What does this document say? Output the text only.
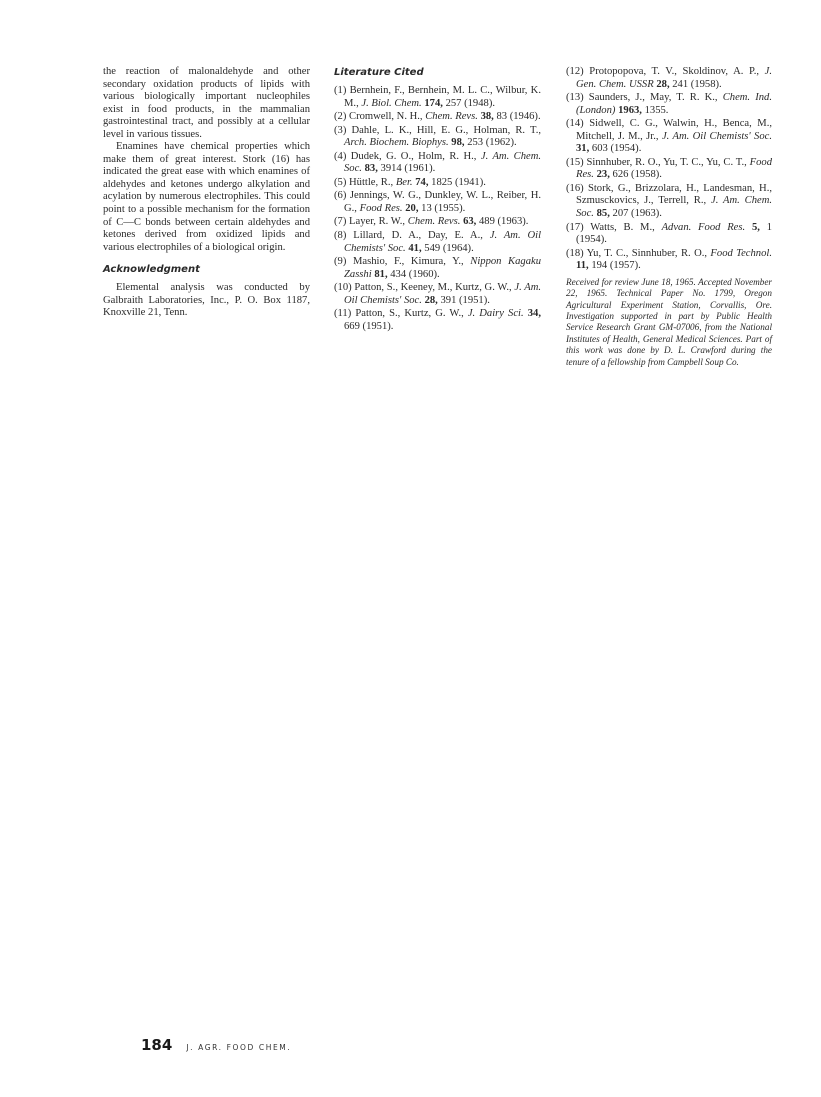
the reaction of malonaldehyde and other secondary oxidation products of lipids with various biologically important nucleophiles exist in food products, in the mammalian gastrointestinal tract, and possibly at a cellular level in various tissues.

Enamines have chemical properties which make them of great interest. Stork (16) has indicated the great ease with which enamines of aldehydes and ketones undergo alkylation and acylation by numerous electrophiles. This could point to a possible mechanism for the formation of C—C bonds between certain aldehydes and ketones derived from oxidized lipids and various electrophiles of a biological origin.

Acknowledgment

Elemental analysis was conducted by Galbraith Laboratories, Inc., P. O. Box 1187, Knoxville 21, Tenn.

Literature Cited
(1) Bernhein, F., Bernhein, M. L. C., Wilbur, K. M., J. Biol. Chem. 174, 257 (1948).
(2) Cromwell, N. H., Chem. Revs. 38, 83 (1946).
(3) Dahle, L. K., Hill, E. G., Holman, R. T., Arch. Biochem. Biophys. 98, 253 (1962).
(4) Dudek, G. O., Holm, R. H., J. Am. Chem. Soc. 83, 3914 (1961).
(5) Hüttle, R., Ber. 74, 1825 (1941).
(6) Jennings, W. G., Dunkley, W. L., Reiber, H. G., Food Res. 20, 13 (1955).
(7) Layer, R. W., Chem. Revs. 63, 489 (1963).
(8) Lillard, D. A., Day, E. A., J. Am. Oil Chemists' Soc. 41, 549 (1964).
(9) Mashio, F., Kimura, Y., Nippon Kagaku Zasshi 81, 434 (1960).
(10) Patton, S., Keeney, M., Kurtz, G. W., J. Am. Oil Chemists' Soc. 28, 391 (1951).
(11) Patton, S., Kurtz, G. W., J. Dairy Sci. 34, 669 (1951).
(12) Protopopova, T. V., Skoldinov, A. P., J. Gen. Chem. USSR 28, 241 (1958).
(13) Saunders, J., May, T. R. K., Chem. Ind. (London) 1963, 1355.
(14) Sidwell, C. G., Walwin, H., Benca, M., Mitchell, J. M., Jr., J. Am. Oil Chemists' Soc. 31, 603 (1954).
(15) Sinnhuber, R. O., Yu, T. C., Yu, C. T., Food Res. 23, 626 (1958).
(16) Stork, G., Brizzolara, H., Landesman, H., Szmusckovics, J., Terrell, R., J. Am. Chem. Soc. 85, 207 (1963).
(17) Watts, B. M., Advan. Food Res. 5, 1 (1954).
(18) Yu, T. C., Sinnhuber, R. O., Food Technol. 11, 194 (1957).
Received for review June 18, 1965. Accepted November 22, 1965. Technical Paper No. 1799, Oregon Agricultural Experiment Station, Corvallis, Ore. Investigation supported in part by Public Health Service Research Grant GM-07006, from the National Institutes of Health, General Medical Sciences. Part of this work was done by D. L. Crawford during the tenure of a fellowship from Campbell Soup Co.
184 J. AGR. FOOD CHEM.
